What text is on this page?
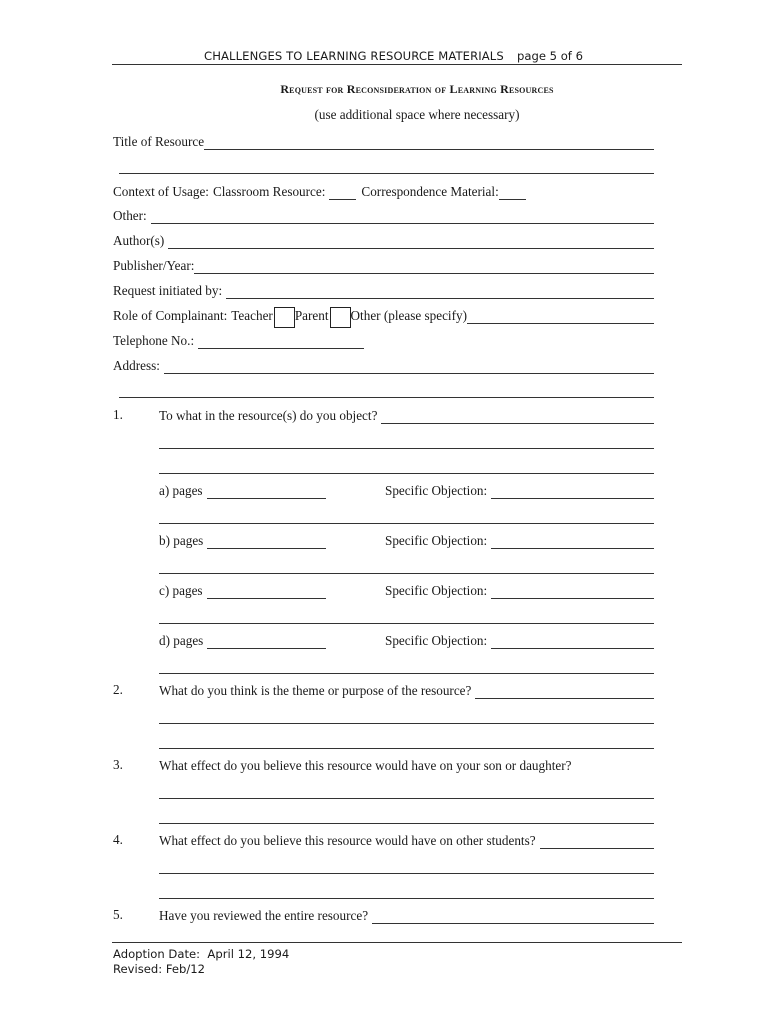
CHALLENGES TO LEARNING RESOURCE MATERIALS page 5 of 6
Request for Reconsideration of Learning Resources
(use additional space where necessary)
Title of Resource
Context of Usage: Classroom Resource:	Correspondence Material:
Other:
Author(s)
Publisher/Year:
Request initiated by:
Role of Complainant: Teacher Parent Other (please specify)
Telephone No.:
Address:
1.	To what in the resource(s) do you object?
a) pages	Specific Objection:
b) pages	Specific Objection:
c) pages	Specific Objection:
d) pages	Specific Objection:
2.	What do you think is the theme or purpose of the resource?
3.	What effect do you believe this resource would have on your son or daughter?
4.	What effect do you believe this resource would have on other students?
5.	Have you reviewed the entire resource?
Adoption Date:  April 12, 1994
Revised: Feb/12
